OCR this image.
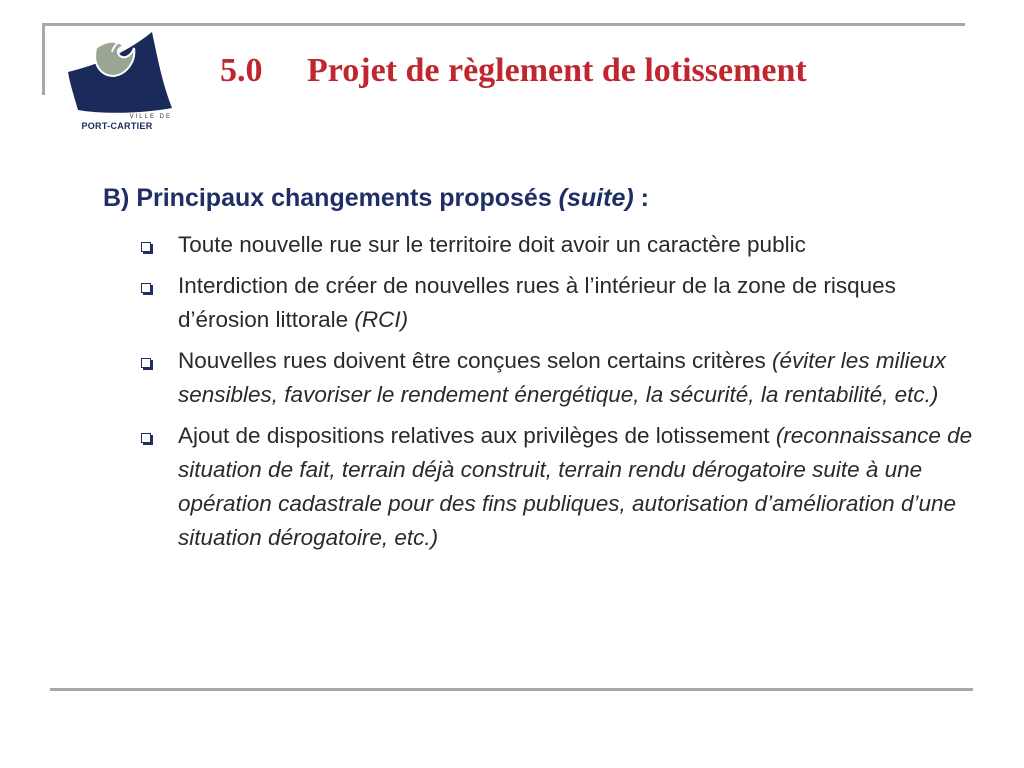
VILLE DE
PORT-CARTIER
5.0 Projet de règlement de lotissement
B) Principaux changements proposés (suite) :
Toute nouvelle rue sur le territoire doit avoir un caractère public
Interdiction de créer de nouvelles rues à l’intérieur de la zone de risques d’érosion littorale (RCI)
Nouvelles rues doivent être conçues selon certains critères (éviter les milieux sensibles, favoriser le rendement énergétique, la sécurité, la rentabilité, etc.)
Ajout de dispositions relatives aux privilèges de lotissement (reconnaissance de situation de fait, terrain déjà construit, terrain rendu dérogatoire suite à une opération cadastrale pour des fins publiques, autorisation d’amélioration d’une situation dérogatoire, etc.)
